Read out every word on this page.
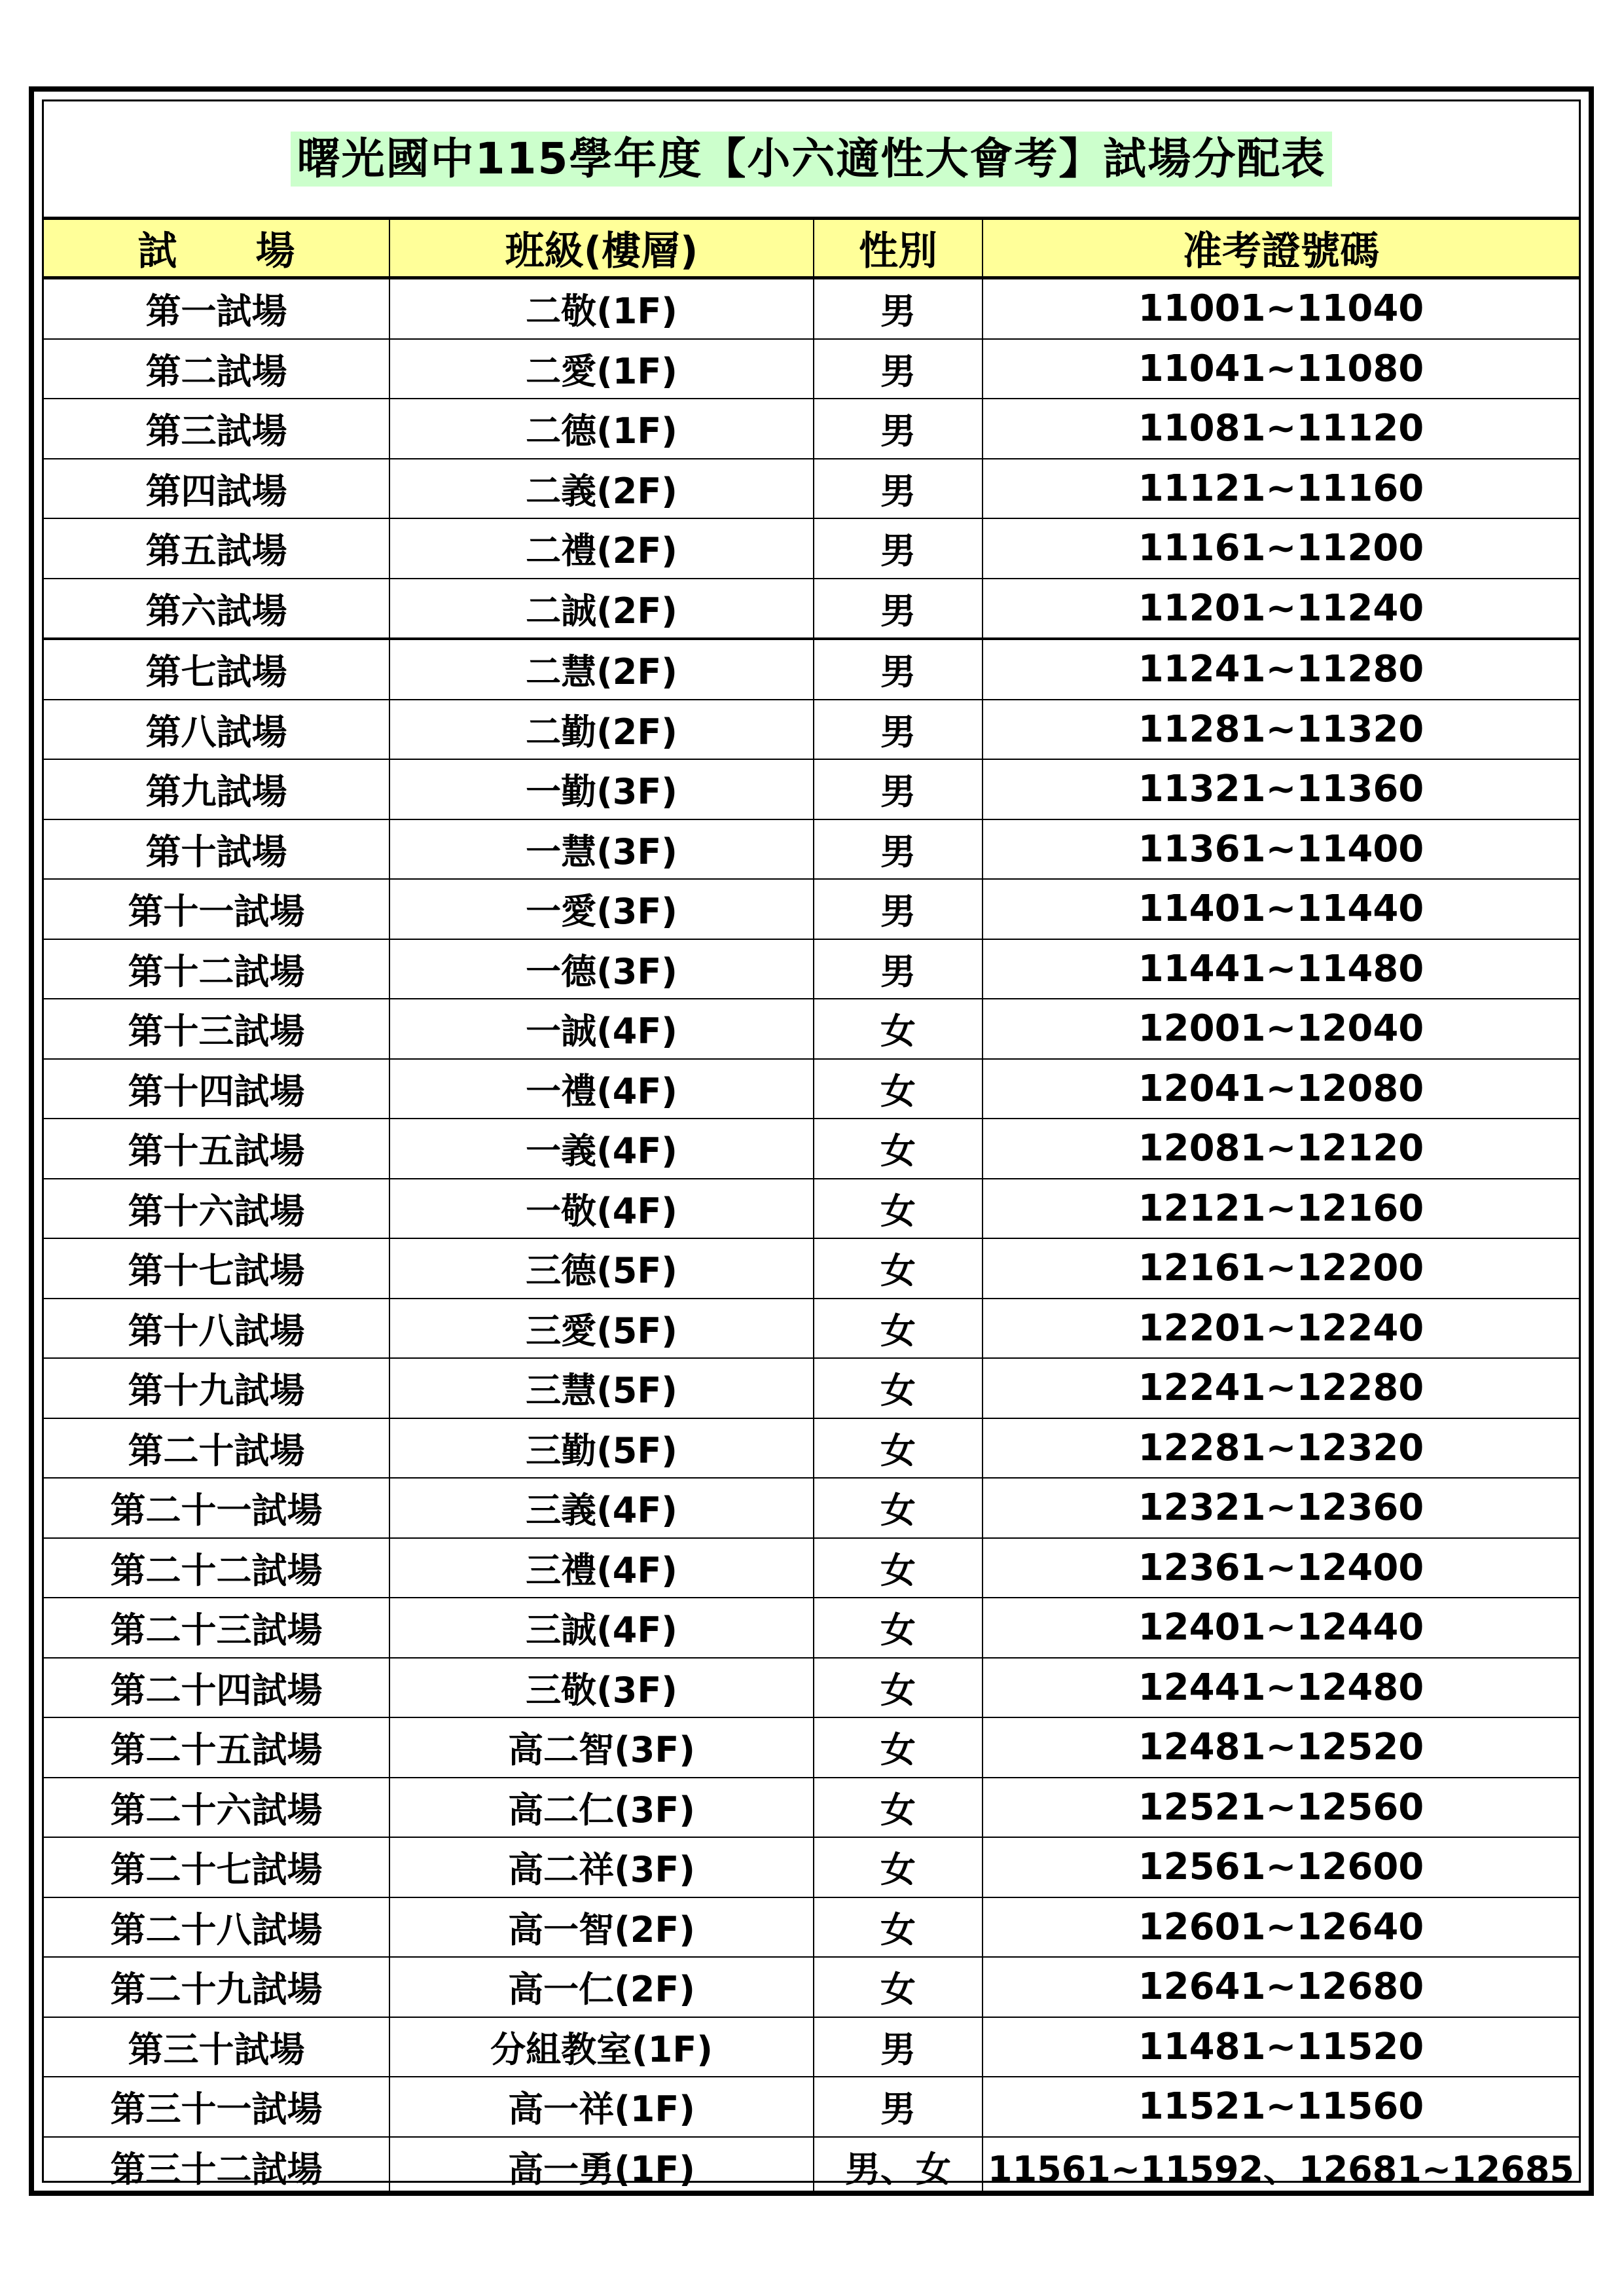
曙光國中115學年度【小六適性大會考】試場分配表
試　　場	班級(樓層)	性別	准考證號碼
第一試場	二敬(1F)	男	11001~11040
第二試場	二愛(1F)	男	11041~11080
第三試場	二德(1F)	男	11081~11120
第四試場	二義(2F)	男	11121~11160
第五試場	二禮(2F)	男	11161~11200
第六試場	二誠(2F)	男	11201~11240
第七試場	二慧(2F)	男	11241~11280
第八試場	二勤(2F)	男	11281~11320
第九試場	一勤(3F)	男	11321~11360
第十試場	一慧(3F)	男	11361~11400
第十一試場	一愛(3F)	男	11401~11440
第十二試場	一德(3F)	男	11441~11480
第十三試場	一誠(4F)	女	12001~12040
第十四試場	一禮(4F)	女	12041~12080
第十五試場	一義(4F)	女	12081~12120
第十六試場	一敬(4F)	女	12121~12160
第十七試場	三德(5F)	女	12161~12200
第十八試場	三愛(5F)	女	12201~12240
第十九試場	三慧(5F)	女	12241~12280
第二十試場	三勤(5F)	女	12281~12320
第二十一試場	三義(4F)	女	12321~12360
第二十二試場	三禮(4F)	女	12361~12400
第二十三試場	三誠(4F)	女	12401~12440
第二十四試場	三敬(3F)	女	12441~12480
第二十五試場	高二智(3F)	女	12481~12520
第二十六試場	高二仁(3F)	女	12521~12560
第二十七試場	高二祥(3F)	女	12561~12600
第二十八試場	高一智(2F)	女	12601~12640
第二十九試場	高一仁(2F)	女	12641~12680
第三十試場	分組教室(1F)	男	11481~11520
第三十一試場	高一祥(1F)	男	11521~11560
第三十二試場	高一勇(1F)	男、女	11561~11592、12681~12685
